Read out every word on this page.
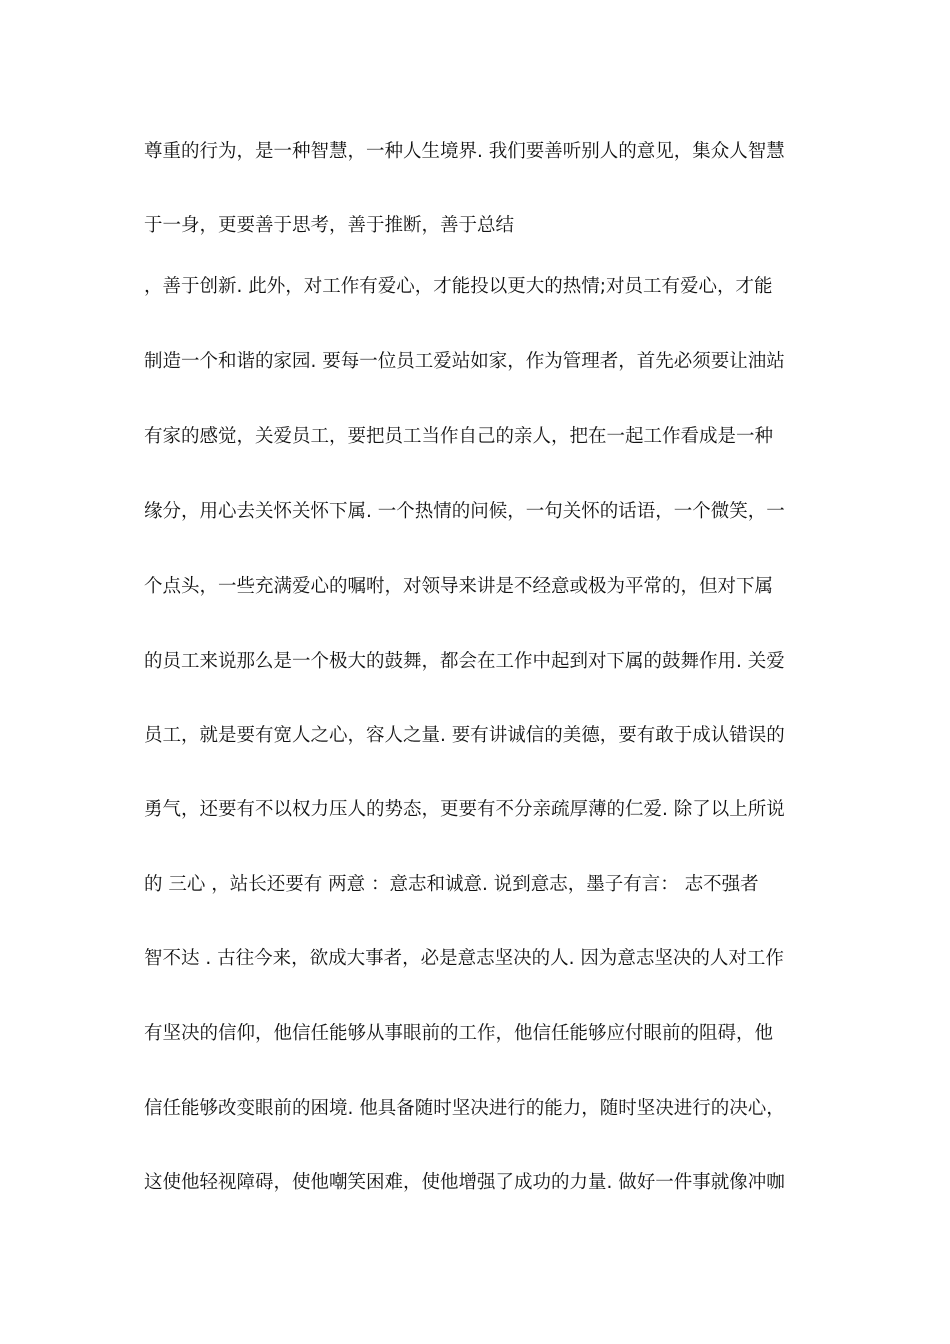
尊重的行为，是一种智慧，一种人生境界. 我们要善听别人的意见，集众人智慧
于一身，更要善于思考，善于推断，善于总结
，善于创新. 此外，对工作有爱心，才能投以更大的热情;对员工有爱心，才能
制造一个和谐的家园. 要每一位员工爱站如家，作为管理者，首先必须要让油站
有家的感觉，关爱员工，要把员工当作自己的亲人，把在一起工作看成是一种
缘分，用心去关怀关怀下属. 一个热情的问候，一句关怀的话语，一个微笑，一
个点头，一些充满爱心的嘱咐，对领导来讲是不经意或极为平常的，但对下属
的员工来说那么是一个极大的鼓舞，都会在工作中起到对下属的鼓舞作用. 关爱
员工，就是要有宽人之心，容人之量. 要有讲诚信的美德，要有敢于成认错误的
勇气，还要有不以权力压人的势态，更要有不分亲疏厚薄的仁爱. 除了以上所说
的 三心 ，站长还要有 两意 ：意志和诚意. 说到意志，墨子有言： 志不强者
智不达 . 古往今来，欲成大事者，必是意志坚决的人. 因为意志坚决的人对工作
有坚决的信仰，他信任能够从事眼前的工作，他信任能够应付眼前的阻碍，他
信任能够改变眼前的困境. 他具备随时坚决进行的能力，随时坚决进行的决心，
这使他轻视障碍，使他嘲笑困难，使他增强了成功的力量. 做好一件事就像冲咖
